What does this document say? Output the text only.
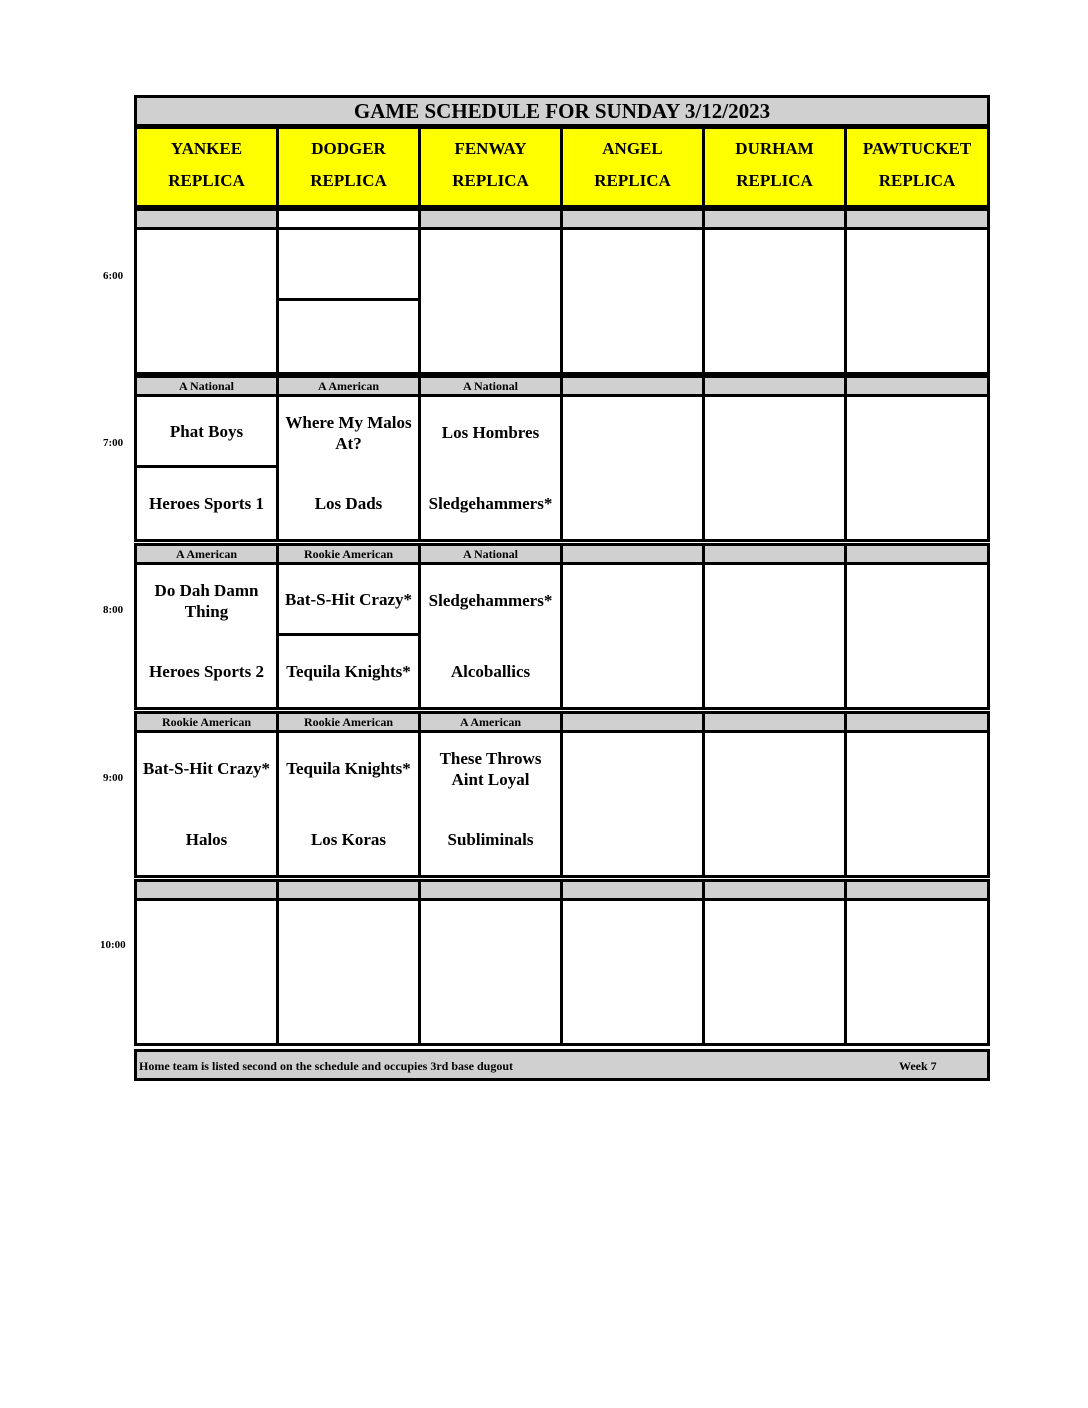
GAME SCHEDULE FOR SUNDAY 3/12/2023
YANKEE
REPLICA
DODGER
REPLICA
FENWAY
REPLICA
ANGEL
REPLICA
DURHAM
REPLICA
PAWTUCKET
REPLICA
A National
Phat Boys
Heroes Sports 1
A American
Where My Malos At?
Los Dads
A National
Los Hombres
Sledgehammers*
A American
Do Dah Damn Thing
Heroes Sports 2
Rookie American
Bat-S-Hit Crazy*
Tequila Knights*
A National
Sledgehammers*
Alcoballics
Rookie American
Bat-S-Hit Crazy*
Halos
Rookie American
Tequila Knights*
Los Koras
A American
These Throws Aint Loyal
Subliminals
Home team is listed second on the schedule and occupies 3rd base dugout	Week 7
6:00
7:00
8:00
9:00
10:00
